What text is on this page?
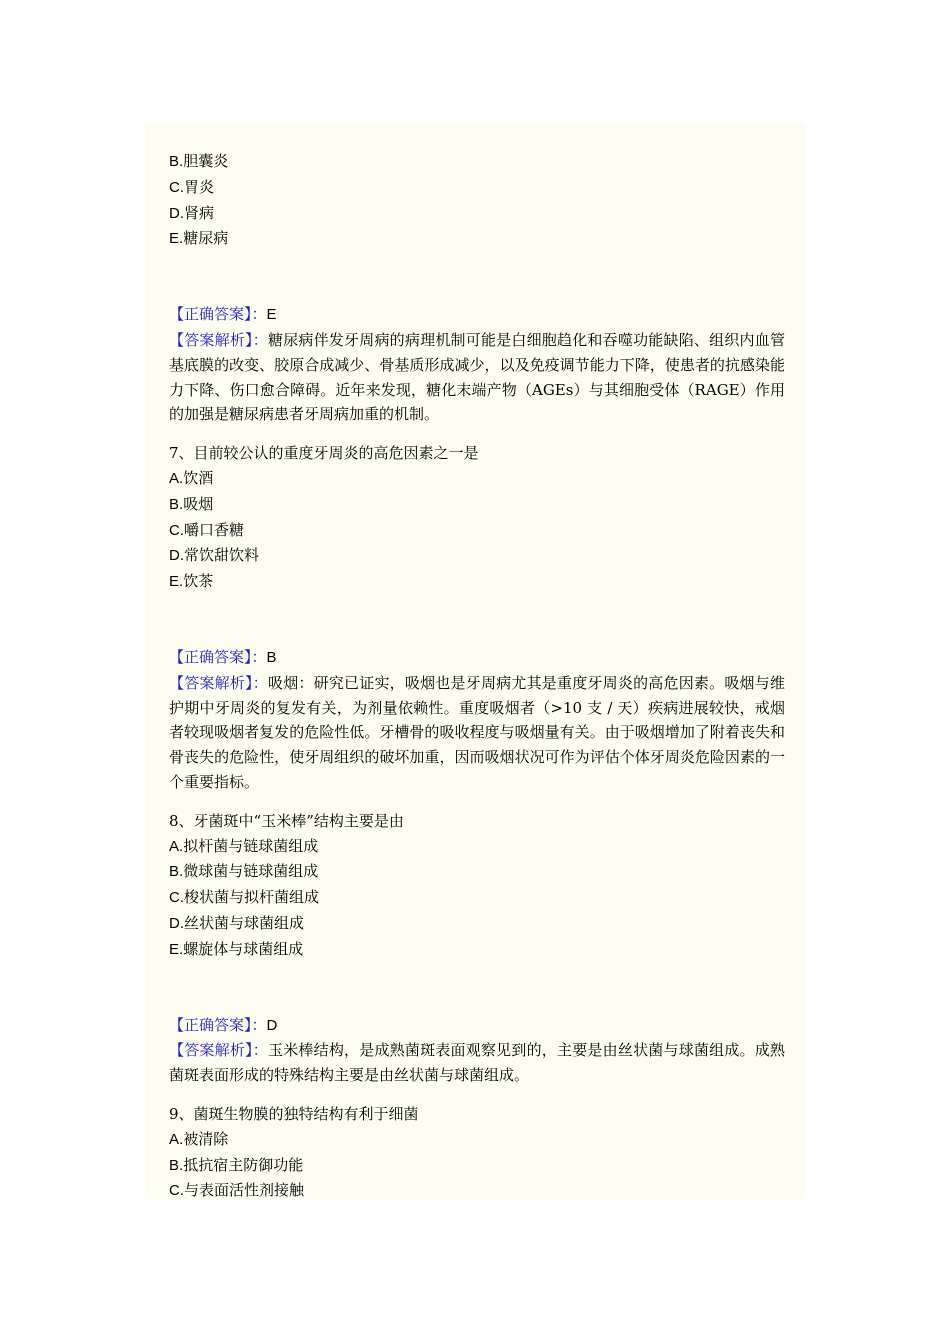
B.胆囊炎

C.胃炎

D.肾病

E.糖尿病

【正确答案】：E

【答案解析】：糖尿病伴发牙周病的病理机制可能是白细胞趋化和吞噬功能缺陷、组织内血管基底膜的改变、胶原合成减少、骨基质形成减少，以及免疫调节能力下降，使患者的抗感染能力下降、伤口愈合障碍。近年来发现，糖化末端产物（AGEs）与其细胞受体（RAGE）作用的加强是糖尿病患者牙周病加重的机制。

7、目前较公认的重度牙周炎的高危因素之一是

A.饮酒

B.吸烟

C.嚼口香糖

D.常饮甜饮料

E.饮茶

【正确答案】：B

【答案解析】：吸烟：研究已证实，吸烟也是牙周病尤其是重度牙周炎的高危因素。吸烟与维护期中牙周炎的复发有关，为剂量依赖性。重度吸烟者（>10 支 / 天）疾病进展较快，戒烟者较现吸烟者复发的危险性低。牙槽骨的吸收程度与吸烟量有关。由于吸烟增加了附着丧失和骨丧失的危险性，使牙周组织的破坏加重，因而吸烟状况可作为评估个体牙周炎危险因素的一个重要指标。

8、牙菌斑中“玉米棒”结构主要是由

A.拟杆菌与链球菌组成

B.微球菌与链球菌组成

C.梭状菌与拟杆菌组成

D.丝状菌与球菌组成

E.螺旋体与球菌组成

【正确答案】：D

【答案解析】：玉米棒结构，是成熟菌斑表面观察见到的，主要是由丝状菌与球菌组成。成熟菌斑表面形成的特殊结构主要是由丝状菌与球菌组成。

9、菌斑生物膜的独特结构有利于细菌

A.被清除

B.抵抗宿主防御功能

C.与表面活性剂接触
